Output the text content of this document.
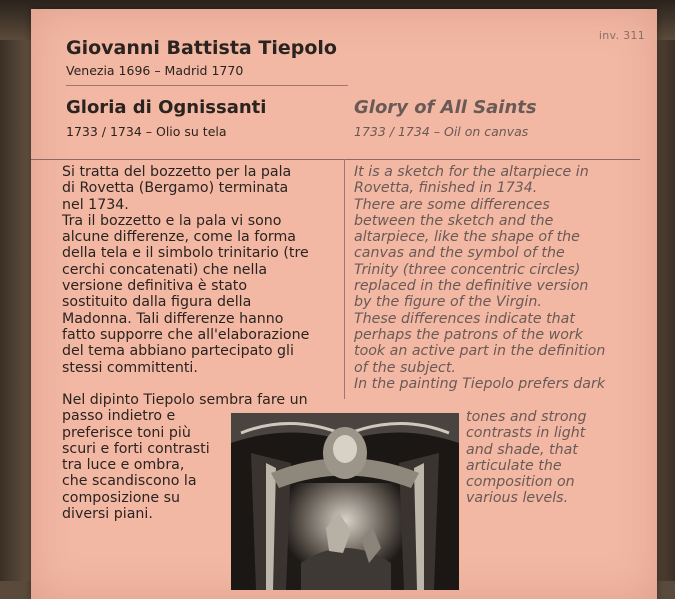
inv. 311
Giovanni Battista Tiepolo
Venezia 1696 – Madrid 1770
Gloria di Ognissanti	Glory of All Saints
1733 / 1734 – Olio su tela	1733 / 1734 – Oil on canvas
Si tratta del bozzetto per la pala
di Rovetta (Bergamo) terminata
nel 1734.
Tra il bozzetto e la pala vi sono
alcune differenze, come la forma
della tela e il simbolo trinitario (tre
cerchi concatenati) che nella
versione definitiva è stato
sostituito dalla figura della
Madonna. Tali differenze hanno
fatto supporre che all'elaborazione
del tema abbiano partecipato gli
stessi committenti.
Nel dipinto Tiepolo sembra fare un
passo indietro e
preferisce toni più
scuri e forti contrasti
tra luce e ombra,
che scandiscono la
composizione su
diversi piani.
It is a sketch for the altarpiece in
Rovetta, finished in 1734.
There are some differences
between the sketch and the
altarpiece, like the shape of the
canvas and the symbol of the
Trinity (three concentric circles)
replaced in the definitive version
by the figure of the Virgin.
These differences indicate that
perhaps the patrons of the work
took an active part in the definition
of the subject.
In the painting Tiepolo prefers dark
tones and strong
contrasts in light
and shade, that
articulate the
composition on
various levels.
